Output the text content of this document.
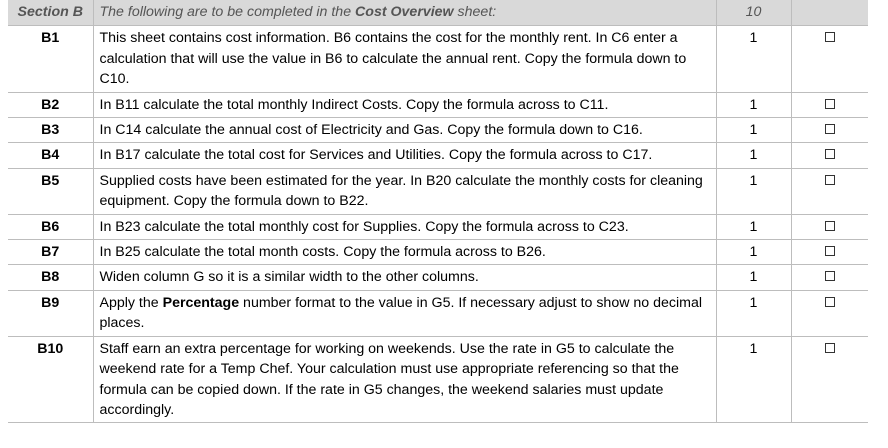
Section B	The following are to be completed in the Cost Overview sheet:	10	
B1	This sheet contains cost information. B6 contains the cost for the monthly rent. In C6 enter a calculation that will use the value in B6 to calculate the annual rent. Copy the formula down to C10.	1	
B2	In B11 calculate the total monthly Indirect Costs. Copy the formula across to C11.	1	
B3	In C14 calculate the annual cost of Electricity and Gas. Copy the formula down to C16.	1	
B4	In B17 calculate the total cost for Services and Utilities. Copy the formula across to C17.	1	
B5	Supplied costs have been estimated for the year. In B20 calculate the monthly costs for cleaning equipment. Copy the formula down to B22.	1	
B6	In B23 calculate the total monthly cost for Supplies. Copy the formula across to C23.	1	
B7	In B25 calculate the total month costs. Copy the formula across to B26.	1	
B8	Widen column G so it is a similar width to the other columns.	1	
B9	Apply the Percentage number format to the value in G5. If necessary adjust to show no decimal places.	1	
B10	Staff earn an extra percentage for working on weekends. Use the rate in G5 to calculate the weekend rate for a Temp Chef. Your calculation must use appropriate referencing so that the formula can be copied down. If the rate in G5 changes, the weekend salaries must update accordingly.	1	
